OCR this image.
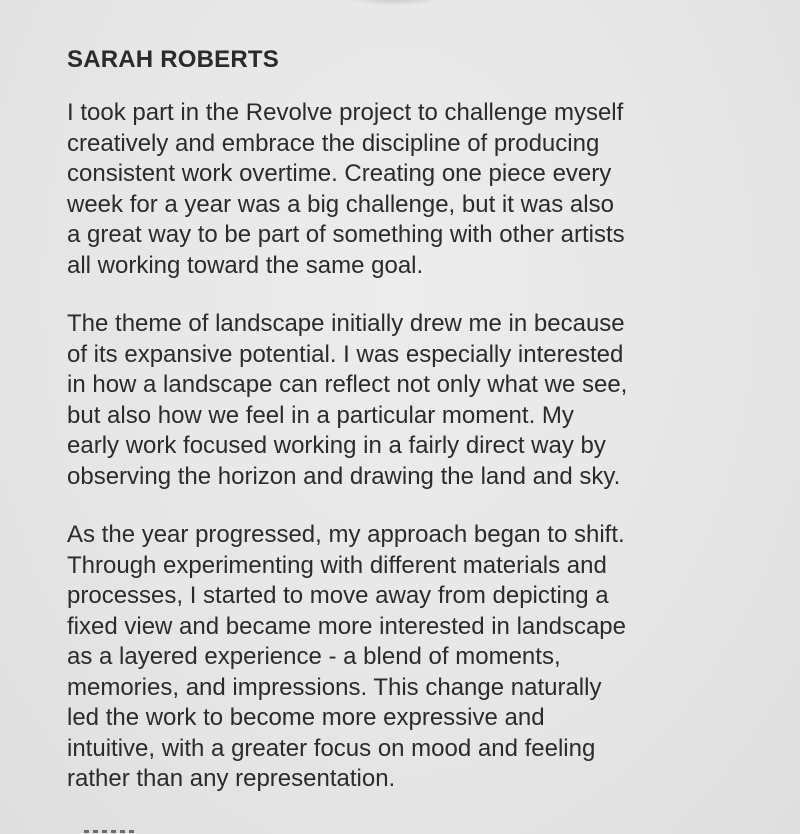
SARAH ROBERTS

I took part in the Revolve project to challenge myself
creatively and embrace the discipline of producing
consistent work overtime. Creating one piece every
week for a year was a big challenge, but it was also
a great way to be part of something with other artists
all working toward the same goal.

The theme of landscape initially drew me in because
of its expansive potential. I was especially interested
in how a landscape can reflect not only what we see,
but also how we feel in a particular moment. My
early work focused working in a fairly direct way by
observing the horizon and drawing the land and sky.

As the year progressed, my approach began to shift.
Through experimenting with different materials and
processes, I started to move away from depicting a
fixed view and became more interested in landscape
as a layered experience - a blend of moments,
memories, and impressions. This change naturally
led the work to become more expressive and
intuitive, with a greater focus on mood and feeling
rather than any representation.
